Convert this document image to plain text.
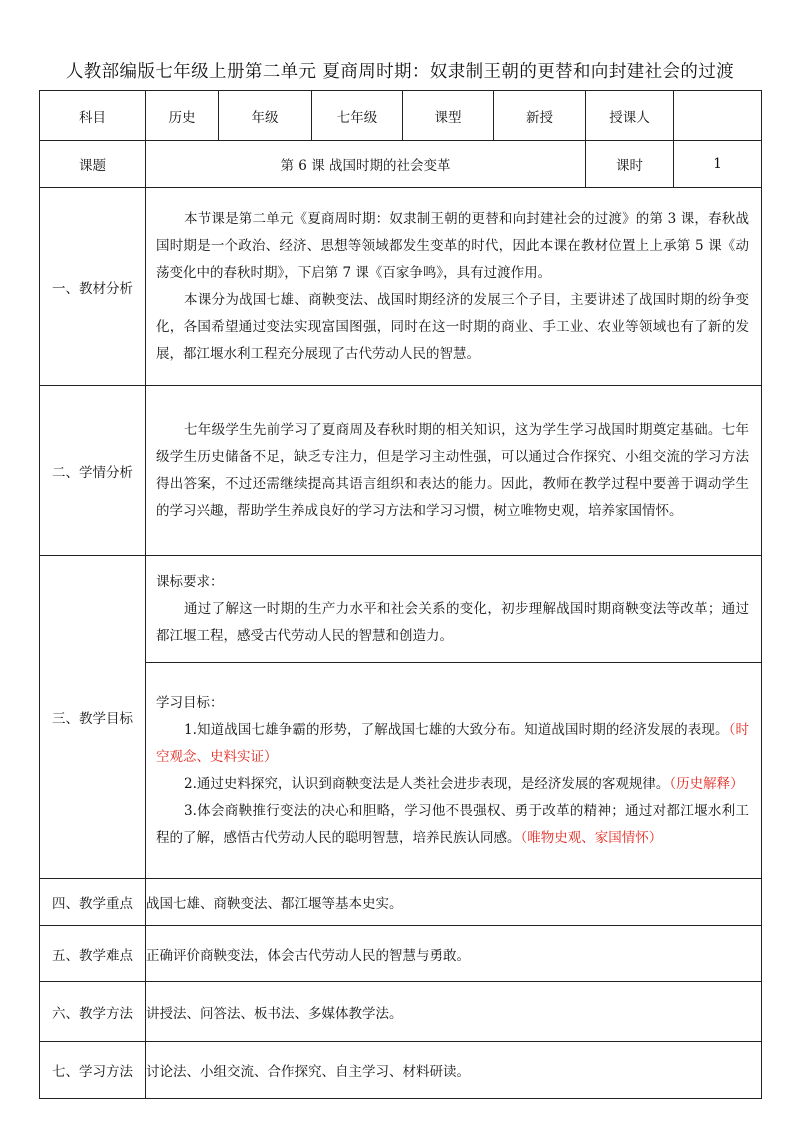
人教部编版七年级上册第二单元 夏商周时期：奴隶制王朝的更替和向封建社会的过渡
科目	历史	年级	七年级	课型	新授	授课人	
课题	第 6 课 战国时期的社会变革					课时	1
一、教材分析	本节课是第二单元《夏商周时期：奴隶制王朝的更替和向封建社会的过渡》的第 3 课，春秋战国时期是一个政治、经济、思想等领域都发生变革的时代，因此本课在教材位置上上承第 5 课《动荡变化中的春秋时期》，下启第 7 课《百家争鸣》，具有过渡作用。

本课分为战国七雄、商鞅变法、战国时期经济的发展三个子目，主要讲述了战国时期的纷争变化，各国希望通过变法实现富国图强，同时在这一时期的商业、手工业、农业等领域也有了新的发展，都江堰水利工程充分展现了古代劳动人民的智慧。						

二、学情分析	七年级学生先前学习了夏商周及春秋时期的相关知识，这为学生学习战国时期奠定基础。七年级学生历史储备不足，缺乏专注力，但是学习主动性强，可以通过合作探究、小组交流的学习方法得出答案，不过还需继续提高其语言组织和表达的能力。因此，教师在教学过程中要善于调动学生的学习兴趣，帮助学生养成良好的学习方法和学习习惯，树立唯物史观，培养家国情怀。						

三、教学目标	课标要求：

通过了解这一时期的生产力水平和社会关系的变化，初步理解战国时期商鞅变法等改革；通过都江堰工程，感受古代劳动人民的智慧和创造力。						

	学习目标：

1.知道战国七雄争霸的形势，了解战国七雄的大致分布。知道战国时期的经济发展的表现。（时空观念、史料实证）

2.通过史料探究，认识到商鞅变法是人类社会进步表现，是经济发展的客观规律。（历史解释）

3.体会商鞅推行变法的决心和胆略，学习他不畏强权、勇于改革的精神；通过对都江堰水利工程的了解，感悟古代劳动人民的聪明智慧，培养民族认同感。（唯物史观、家国情怀）						

四、教学重点	战国七雄、商鞅变法、都江堰等基本史实。						
五、教学难点	正确评价商鞅变法，体会古代劳动人民的智慧与勇敢。						
六、教学方法	讲授法、问答法、板书法、多媒体教学法。						
七、学习方法	讨论法、小组交流、合作探究、自主学习、材料研读。						
